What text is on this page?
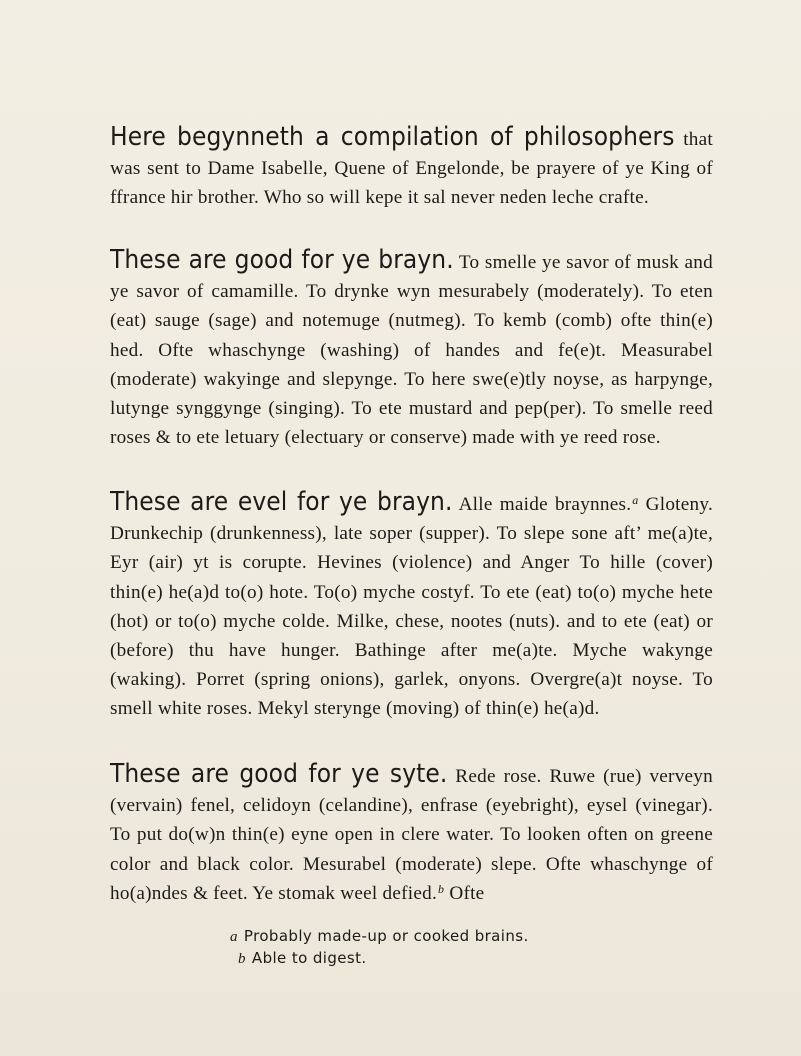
Here begynneth a compilation of philosophers that was sent to Dame Isabelle, Quene of Engelonde, be prayere of ye King of ffrance hir brother. Who so will kepe it sal never neden leche crafte.

These are good for ye brayn. To smelle ye savor of musk and ye savor of camamille. To drynke wyn mesurabely (moderately). To eten (eat) sauge (sage) and notemuge (nutmeg). To kemb (comb) ofte thin(e) hed. Ofte whaschynge (washing) of handes and fe(e)t. Measurabel (moderate) wakyinge and slepynge. To here swe(e)tly noyse, as harpynge, lutynge synggynge (singing). To ete mustard and pep(per). To smelle reed roses & to ete letuary (electuary or conserve) made with ye reed rose.

These are evel for ye brayn. Alle maide braynnes.$^a$ Gloteny. Drunkechip (drunkenness), late soper (supper). To slepe sone aft’ me(a)te, Eyr (air) yt is corupte. Hevines (violence) and Anger To hille (cover) thin(e) he(a)d to(o) hote. To(o) myche costyf. To ete (eat) to(o) myche hete (hot) or to(o) myche colde. Milke, chese, nootes (nuts). and to ete (eat) or (before) thu have hunger. Bathinge after me(a)te. Myche wakynge (waking). Porret (spring onions), garlek, onyons. Overgre(a)t noyse. To smell white roses. Mekyl sterynge (moving) of thin(e) he(a)d.

These are good for ye syte. Rede rose. Ruwe (rue) verveyn (vervain) fenel, celidoyn (celandine), enfrase (eyebright), eysel (vinegar). To put do(w)n thin(e) eyne open in clere water. To looken often on greene color and black color. Mesurabel (moderate) slepe. Ofte whaschynge of ho(a)ndes & feet. Ye stomak weel defied.$^b$ Ofte

a Probably made-up or cooked brains.
b Able to digest.
